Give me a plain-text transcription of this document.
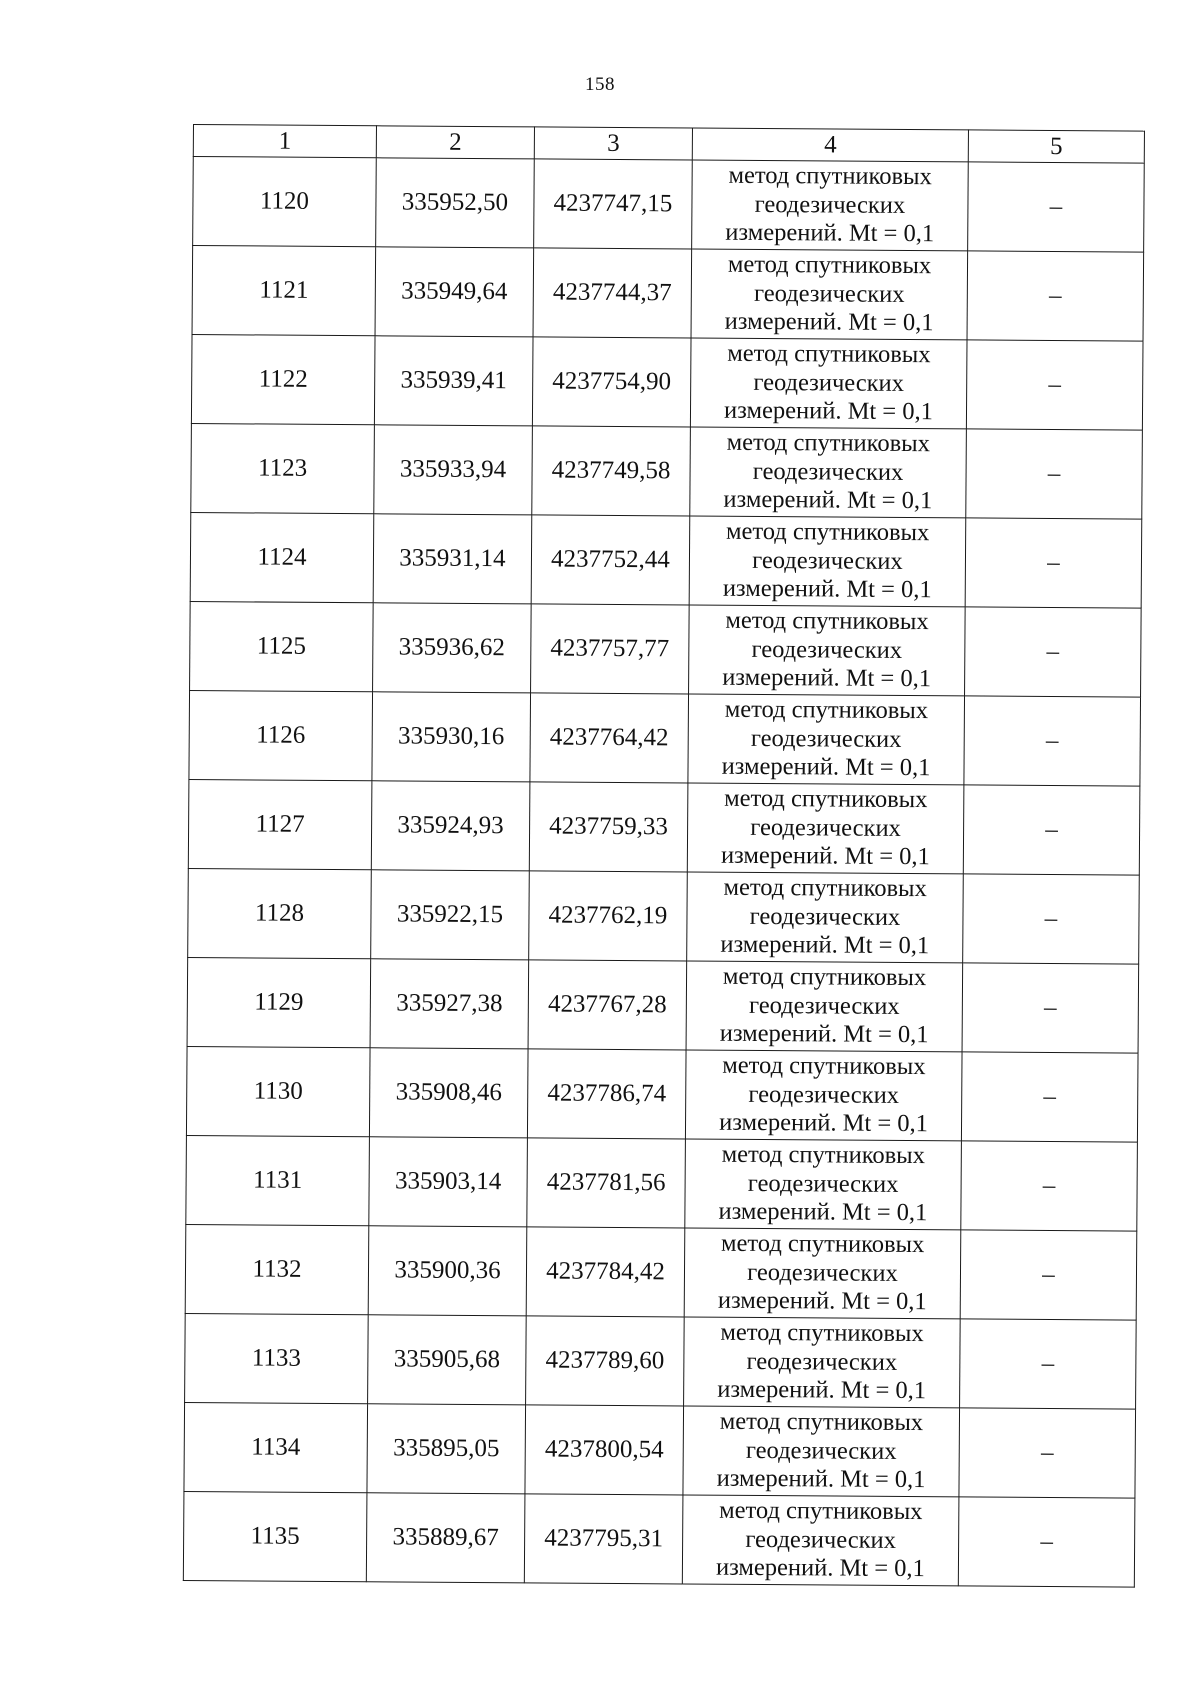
158
1	2	3	4	5
1120	335952,50	4237747,15	метод спутниковых геодезических измерений. Mt = 0,1	–
1121	335949,64	4237744,37	метод спутниковых геодезических измерений. Mt = 0,1	–
1122	335939,41	4237754,90	метод спутниковых геодезических измерений. Mt = 0,1	–
1123	335933,94	4237749,58	метод спутниковых геодезических измерений. Mt = 0,1	–
1124	335931,14	4237752,44	метод спутниковых геодезических измерений. Mt = 0,1	–
1125	335936,62	4237757,77	метод спутниковых геодезических измерений. Mt = 0,1	–
1126	335930,16	4237764,42	метод спутниковых геодезических измерений. Mt = 0,1	–
1127	335924,93	4237759,33	метод спутниковых геодезических измерений. Mt = 0,1	–
1128	335922,15	4237762,19	метод спутниковых геодезических измерений. Mt = 0,1	–
1129	335927,38	4237767,28	метод спутниковых геодезических измерений. Mt = 0,1	–
1130	335908,46	4237786,74	метод спутниковых геодезических измерений. Mt = 0,1	–
1131	335903,14	4237781,56	метод спутниковых геодезических измерений. Mt = 0,1	–
1132	335900,36	4237784,42	метод спутниковых геодезических измерений. Mt = 0,1	–
1133	335905,68	4237789,60	метод спутниковых геодезических измерений. Mt = 0,1	–
1134	335895,05	4237800,54	метод спутниковых геодезических измерений. Mt = 0,1	–
1135	335889,67	4237795,31	метод спутниковых геодезических измерений. Mt = 0,1	–
